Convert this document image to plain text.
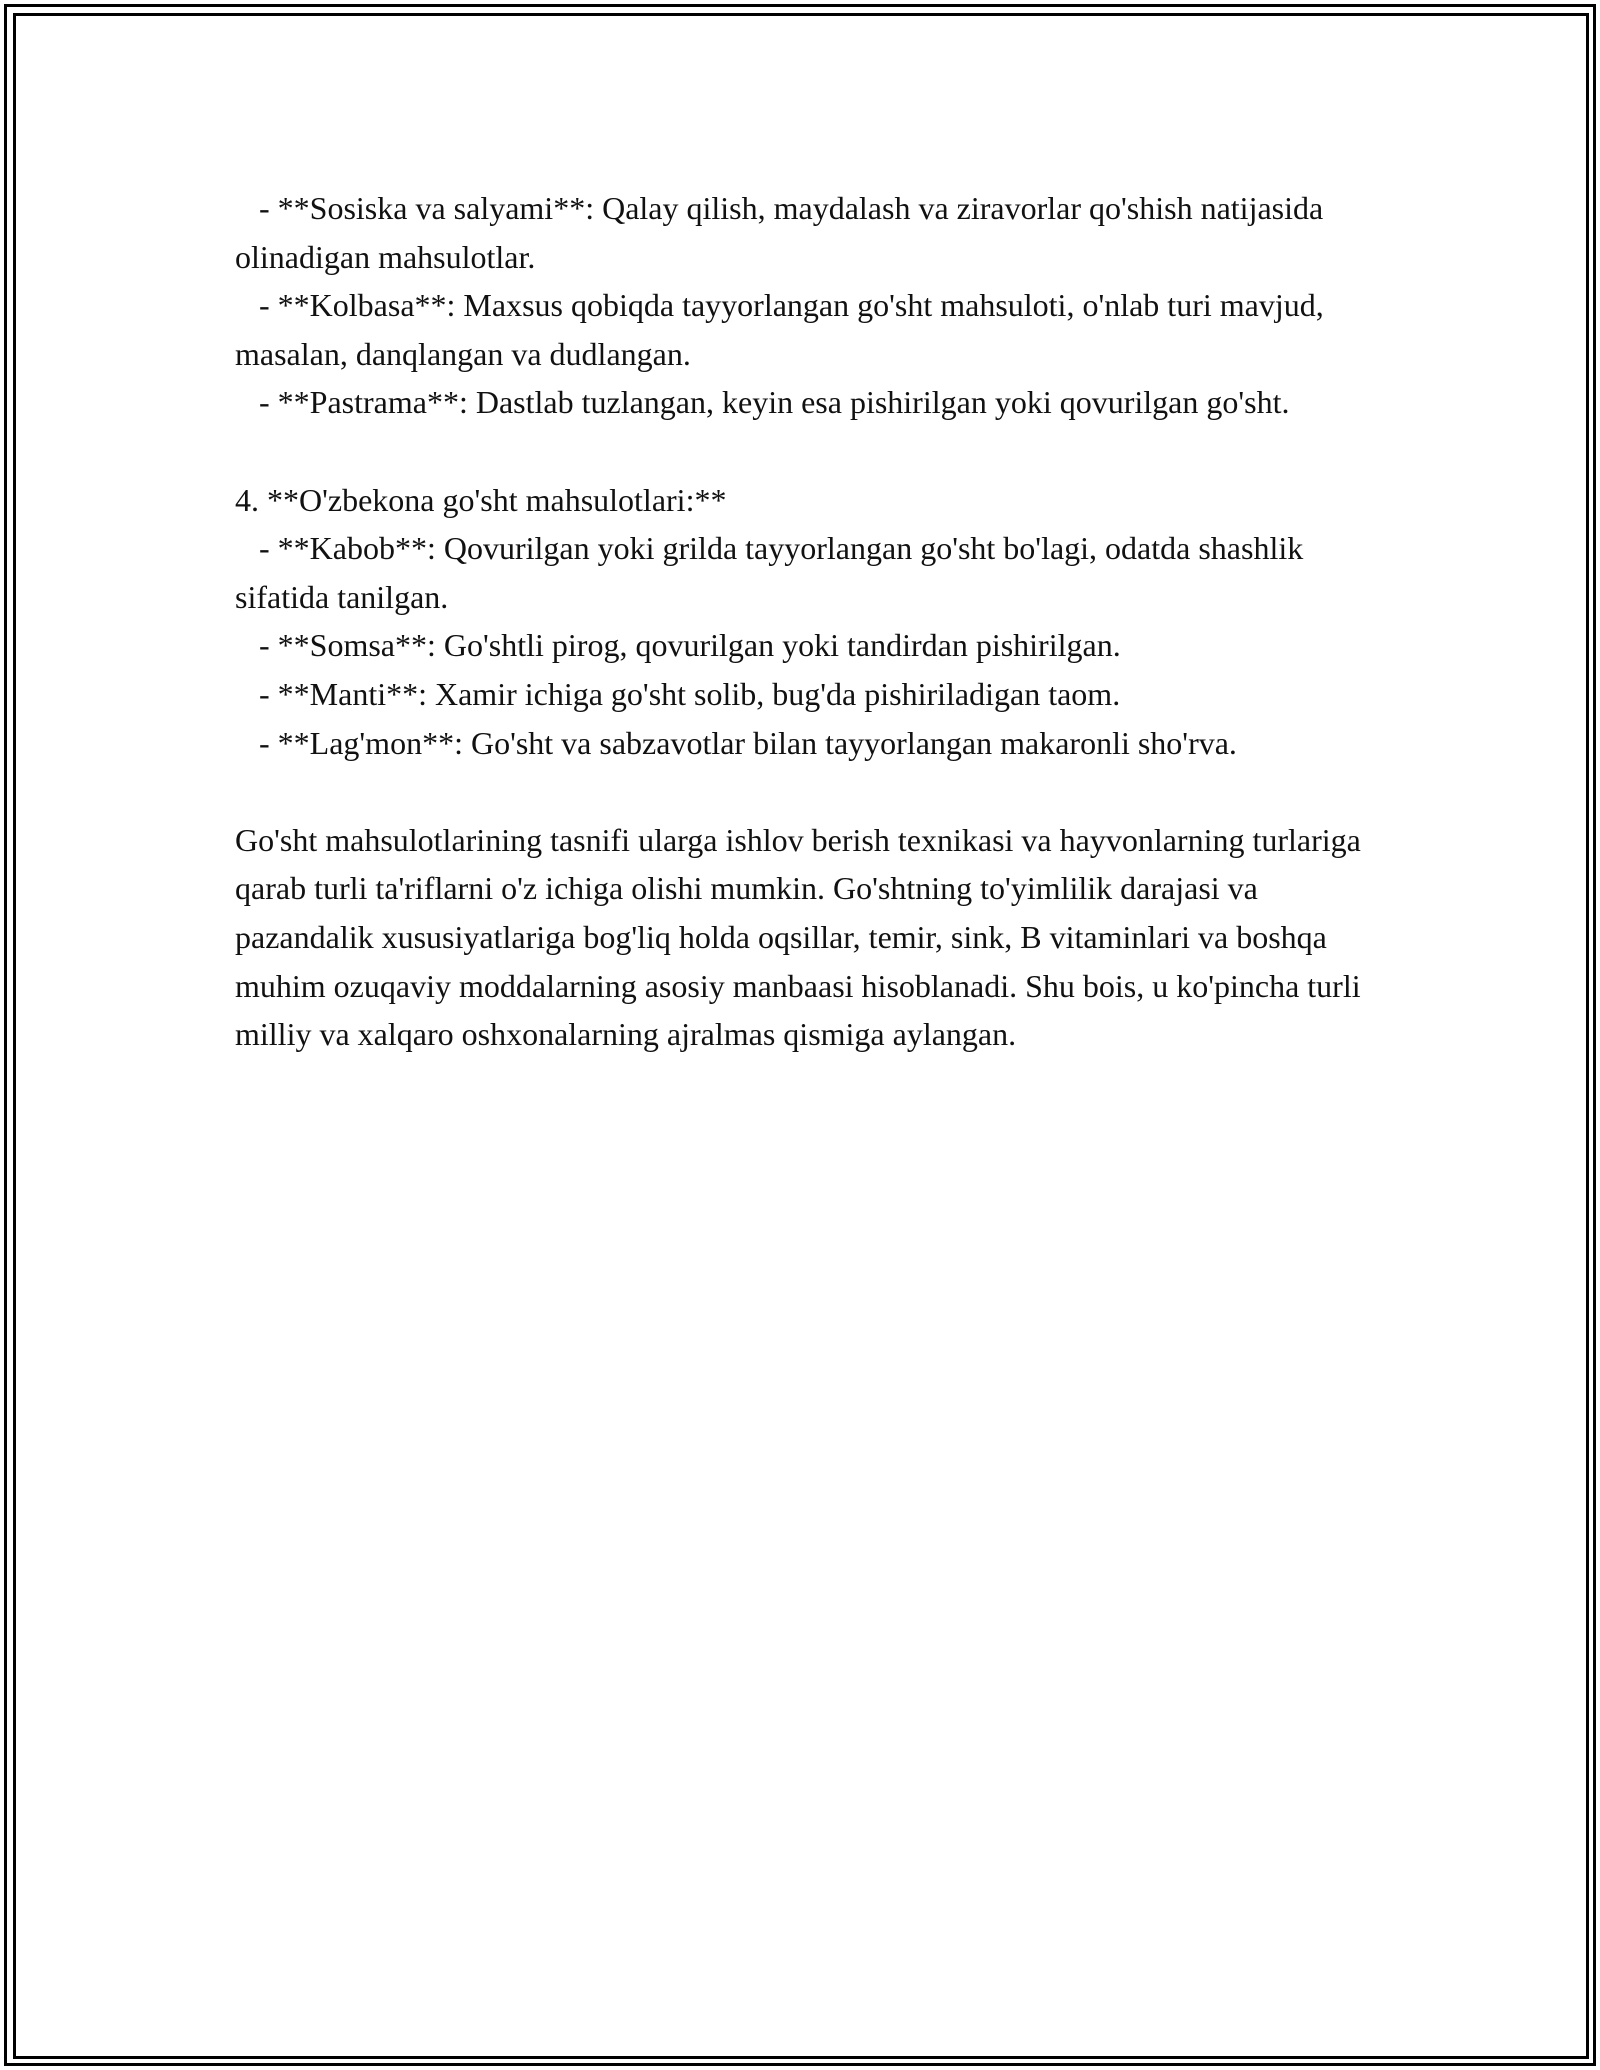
- **Sosiska va salyami**: Qalay qilish, maydalash va ziravorlar qo'shish natijasida olinadigan mahsulotlar.

- **Kolbasa**: Maxsus qobiqda tayyorlangan go'sht mahsuloti, o'nlab turi mavjud, masalan, danqlangan va dudlangan.

- **Pastrama**: Dastlab tuzlangan, keyin esa pishirilgan yoki qovurilgan go'sht.

4. **O'zbekona go'sht mahsulotlari:**

- **Kabob**: Qovurilgan yoki grilda tayyorlangan go'sht bo'lagi, odatda shashlik sifatida tanilgan.

- **Somsa**: Go'shtli pirog, qovurilgan yoki tandirdan pishirilgan.

- **Manti**: Xamir ichiga go'sht solib, bug'da pishiriladigan taom.

- **Lag'mon**: Go'sht va sabzavotlar bilan tayyorlangan makaronli sho'rva.

Go'sht mahsulotlarining tasnifi ularga ishlov berish texnikasi va hayvonlarning turlariga qarab turli ta'riflarni o'z ichiga olishi mumkin. Go'shtning to'yimlilik darajasi va pazandalik xususiyatlariga bog'liq holda oqsillar, temir, sink, B vitaminlari va boshqa muhim ozuqaviy moddalarning asosiy manbaasi hisoblanadi. Shu bois, u ko'pincha turli milliy va xalqaro oshxonalarning ajralmas qismiga aylangan.
